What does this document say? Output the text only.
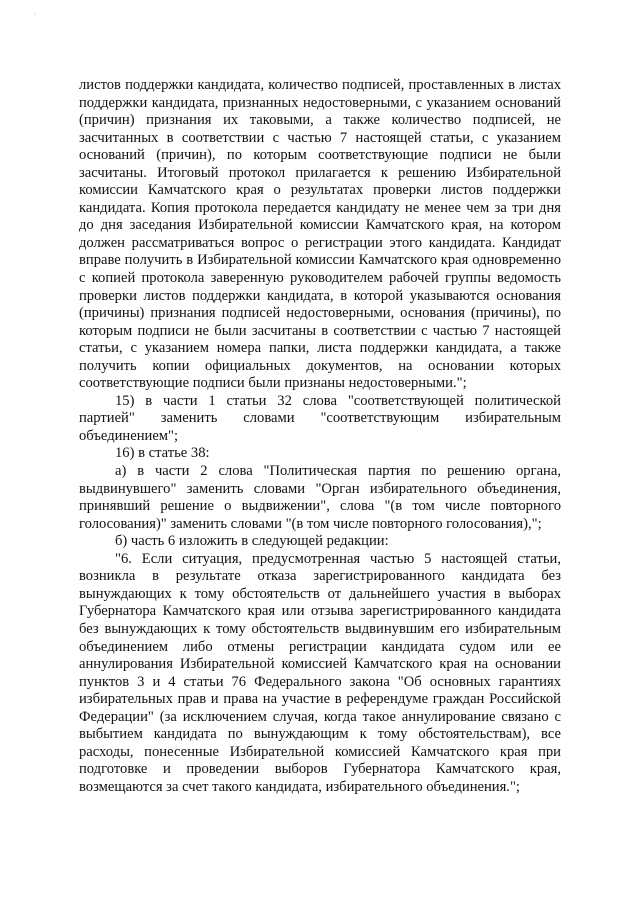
'

листов поддержки кандидата, количество подписей, проставленных в листах поддержки кандидата, признанных недостоверными, с указанием оснований (причин) признания их таковыми, а также количество подписей, не засчитанных в соответствии с частью 7 настоящей статьи, с указанием оснований (причин), по которым соответствующие подписи не были засчитаны. Итоговый протокол прилагается к решению Избирательной комиссии Камчатского края о результатах проверки листов поддержки кандидата. Копия протокола передается кандидату не менее чем за три дня до дня заседания Избирательной комиссии Камчатского края, на котором должен рассматриваться вопрос о регистрации этого кандидата. Кандидат вправе получить в Избирательной комиссии Камчатского края одновременно с копией протокола заверенную руководителем рабочей группы ведомость проверки листов поддержки кандидата, в которой указываются основания (причины) признания подписей недостоверными, основания (причины), по которым подписи не были засчитаны в соответствии с частью 7 настоящей статьи, с указанием номера папки, листа поддержки кандидата, а также получить копии официальных документов, на основании которых соответствующие подписи были признаны недостоверными.";

15) в части 1 статьи 32 слова "соответствующей политической партией" заменить словами "соответствующим избирательным объединением";

16) в статье 38:

а) в части 2 слова "Политическая партия по решению органа, выдвинувшего" заменить словами "Орган избирательного объединения, принявший решение о выдвижении", слова "(в том числе повторного голосования)" заменить словами "(в том числе повторного голосования),";

б) часть 6 изложить в следующей редакции:

"6. Если ситуация, предусмотренная частью 5 настоящей статьи, возникла в результате отказа зарегистрированного кандидата без вынуждающих к тому обстоятельств от дальнейшего участия в выборах Губернатора Камчатского края или отзыва зарегистрированного кандидата без вынуждающих к тому обстоятельств выдвинувшим его избирательным объединением либо отмены регистрации кандидата судом или ее аннулирования Избирательной комиссией Камчатского края на основании пунктов 3 и 4 статьи 76 Федерального закона "Об основных гарантиях избирательных прав и права на участие в референдуме граждан Российской Федерации" (за исключением случая, когда такое аннулирование связано с выбытием кандидата по вынуждающим к тому обстоятельствам), все расходы, понесенные Избирательной комиссией Камчатского края при подготовке и проведении выборов Губернатора Камчатского края, возмещаются за счет такого кандидата, избирательного объединения.";
